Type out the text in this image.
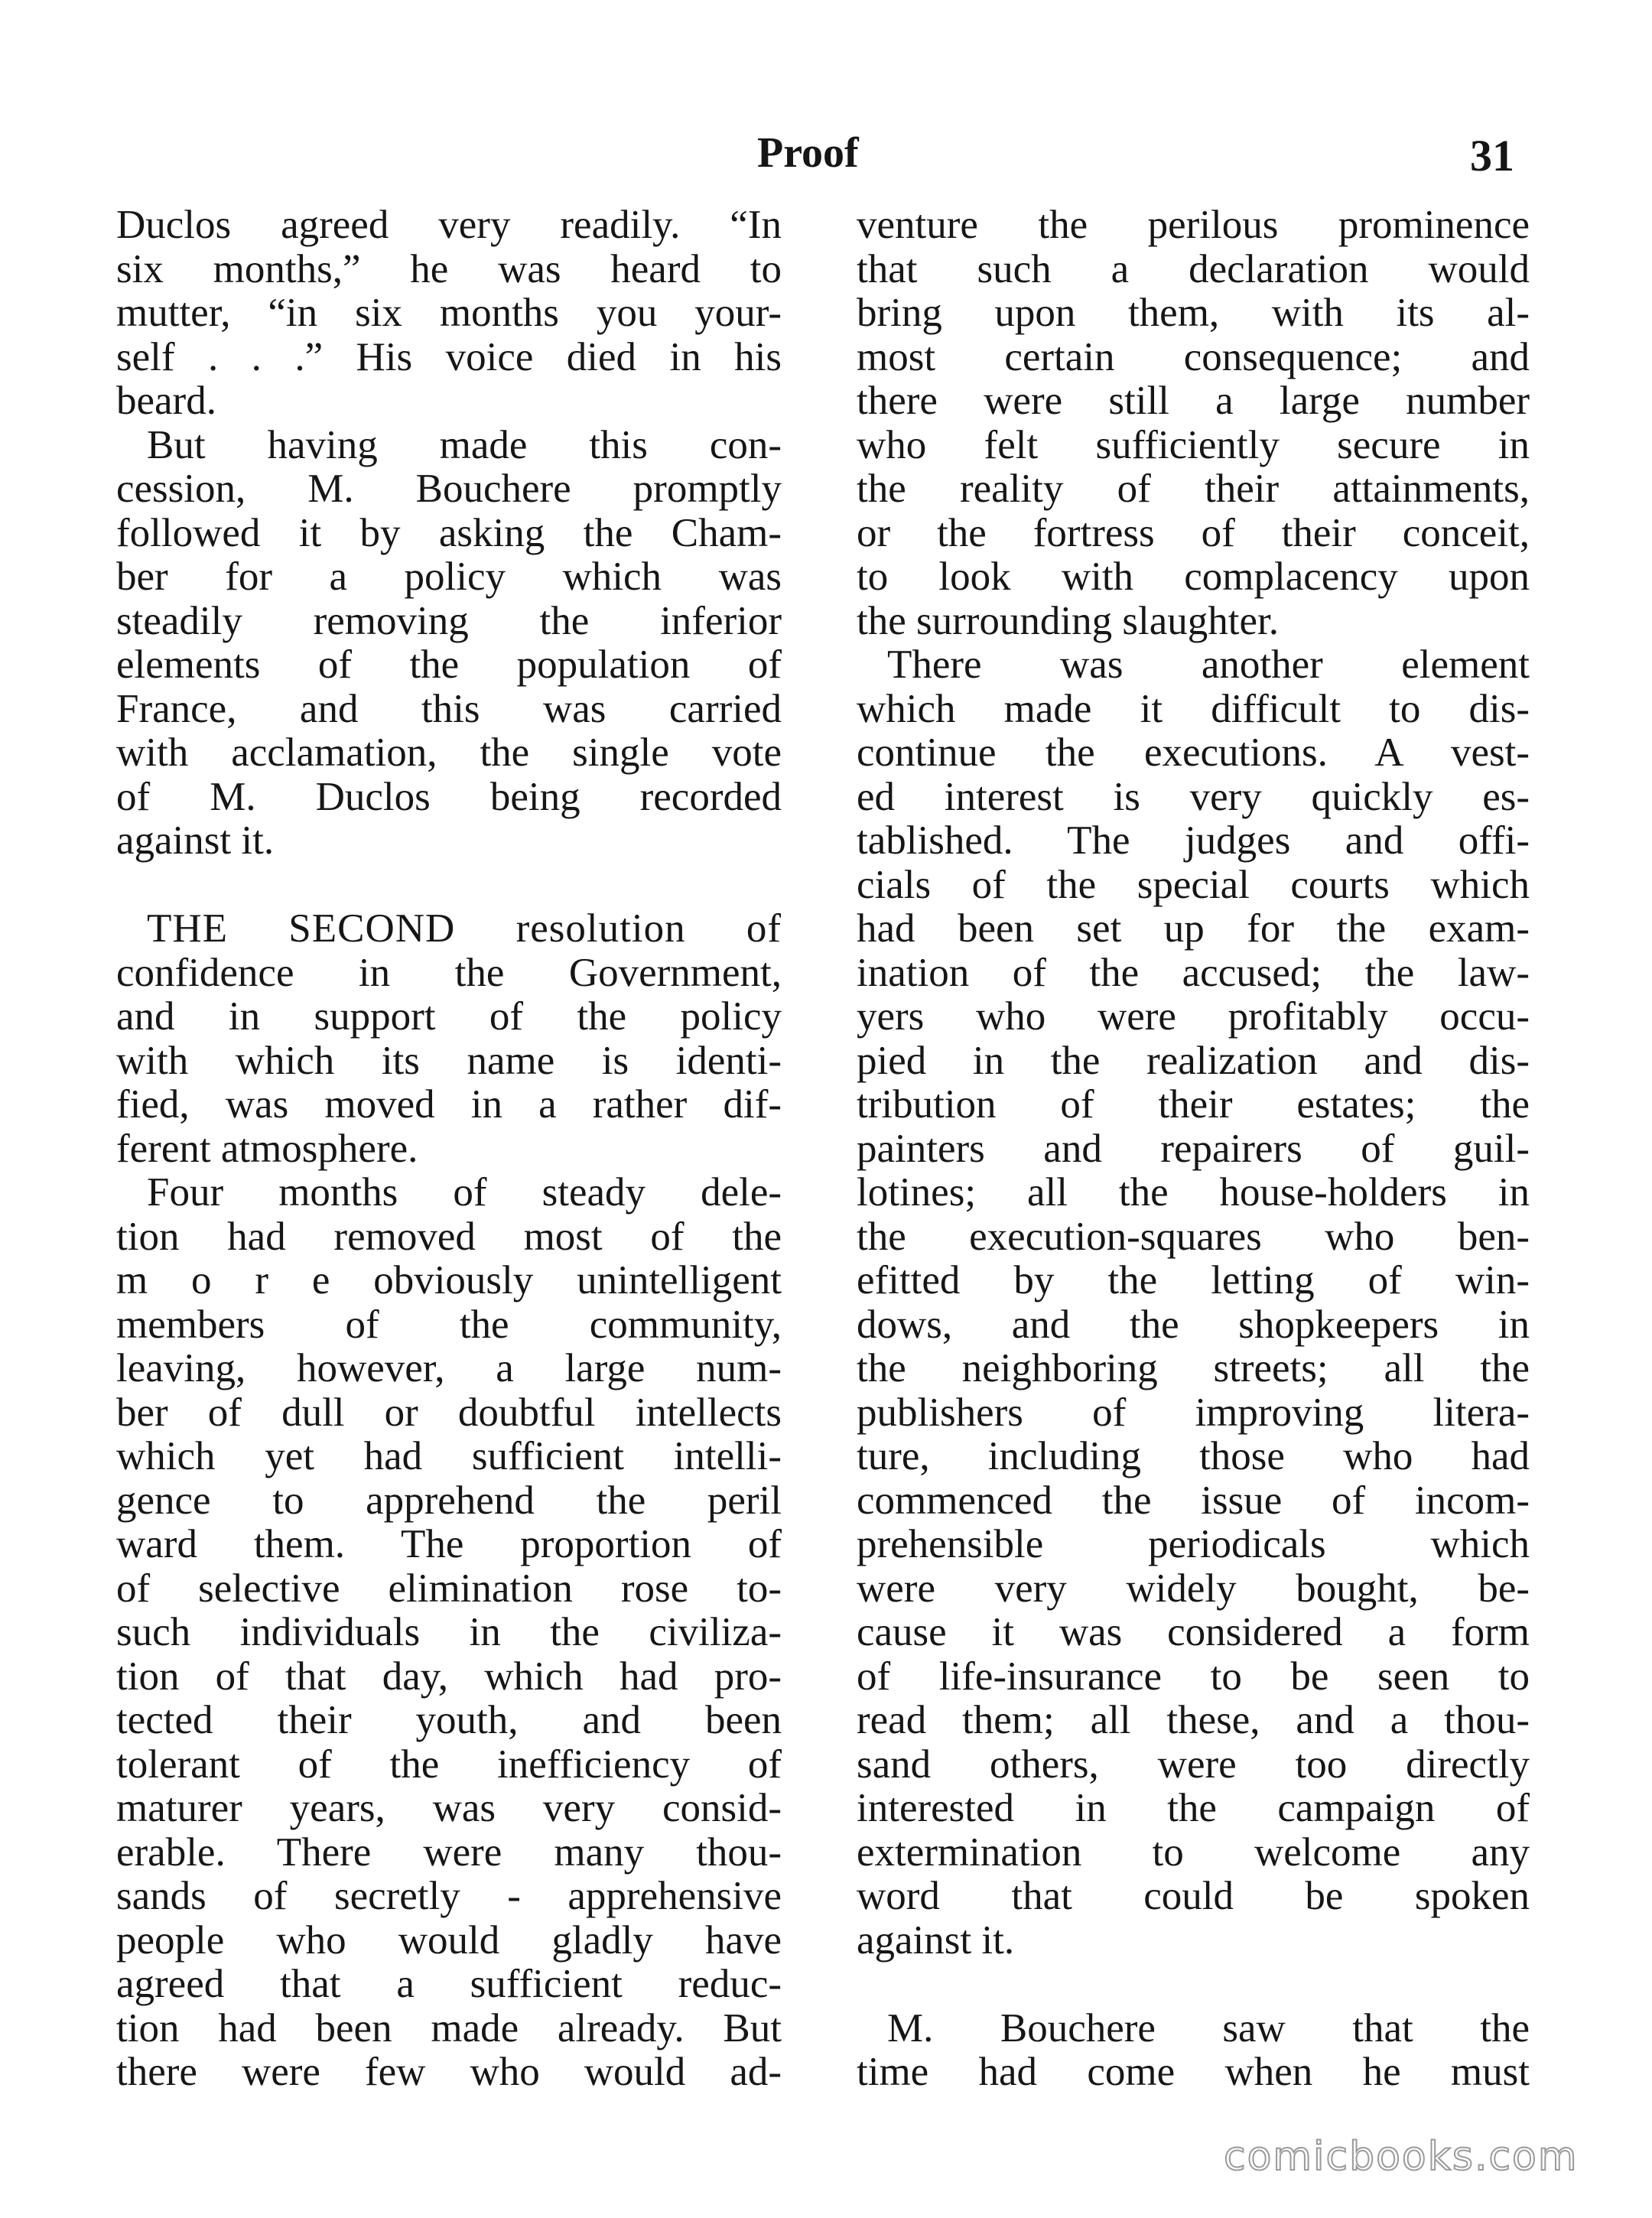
Proof	31
Duclos agreed very readily. “In
six months,” he was heard to
mutter, “in six months you your-
self . . .” His voice died in his
beard.
But having made this con-
cession, M. Bouchere promptly
followed it by asking the Cham-
ber for a policy which was
steadily removing the inferior
elements of the population of
France, and this was carried
with acclamation, the single vote
of M. Duclos being recorded
against it.
THE SECOND resolution of
confidence in the Government,
and in support of the policy
with which its name is identi-
fied, was moved in a rather dif-
ferent atmosphere.
Four months of steady dele-
tion had removed most of the
m o r e obviously unintelligent
members of the community,
leaving, however, a large num-
ber of dull or doubtful intellects
which yet had sufficient intelli-
gence to apprehend the peril
ward them. The proportion of
of selective elimination rose to-
such individuals in the civiliza-
tion of that day, which had pro-
tected their youth, and been
tolerant of the inefficiency of
maturer years, was very consid-
erable. There were many thou-
sands of secretly - apprehensive
people who would gladly have
agreed that a sufficient reduc-
tion had been made already. But
there were few who would ad-
venture the perilous prominence
that such a declaration would
bring upon them, with its al-
most certain consequence; and
there were still a large number
who felt sufficiently secure in
the reality of their attainments,
or the fortress of their conceit,
to look with complacency upon
the surrounding slaughter.
There was another element
which made it difficult to dis-
continue the executions. A vest-
ed interest is very quickly es-
tablished. The judges and offi-
cials of the special courts which
had been set up for the exam-
ination of the accused; the law-
yers who were profitably occu-
pied in the realization and dis-
tribution of their estates; the
painters and repairers of guil-
lotines; all the house-holders in
the execution-squares who ben-
efitted by the letting of win-
dows, and the shopkeepers in
the neighboring streets; all the
publishers of improving litera-
ture, including those who had
commenced the issue of incom-
prehensible periodicals which
were very widely bought, be-
cause it was considered a form
of life-insurance to be seen to
read them; all these, and a thou-
sand others, were too directly
interested in the campaign of
extermination to welcome any
word that could be spoken
against it.
M. Bouchere saw that the
time had come when he must
comicbooks.com
